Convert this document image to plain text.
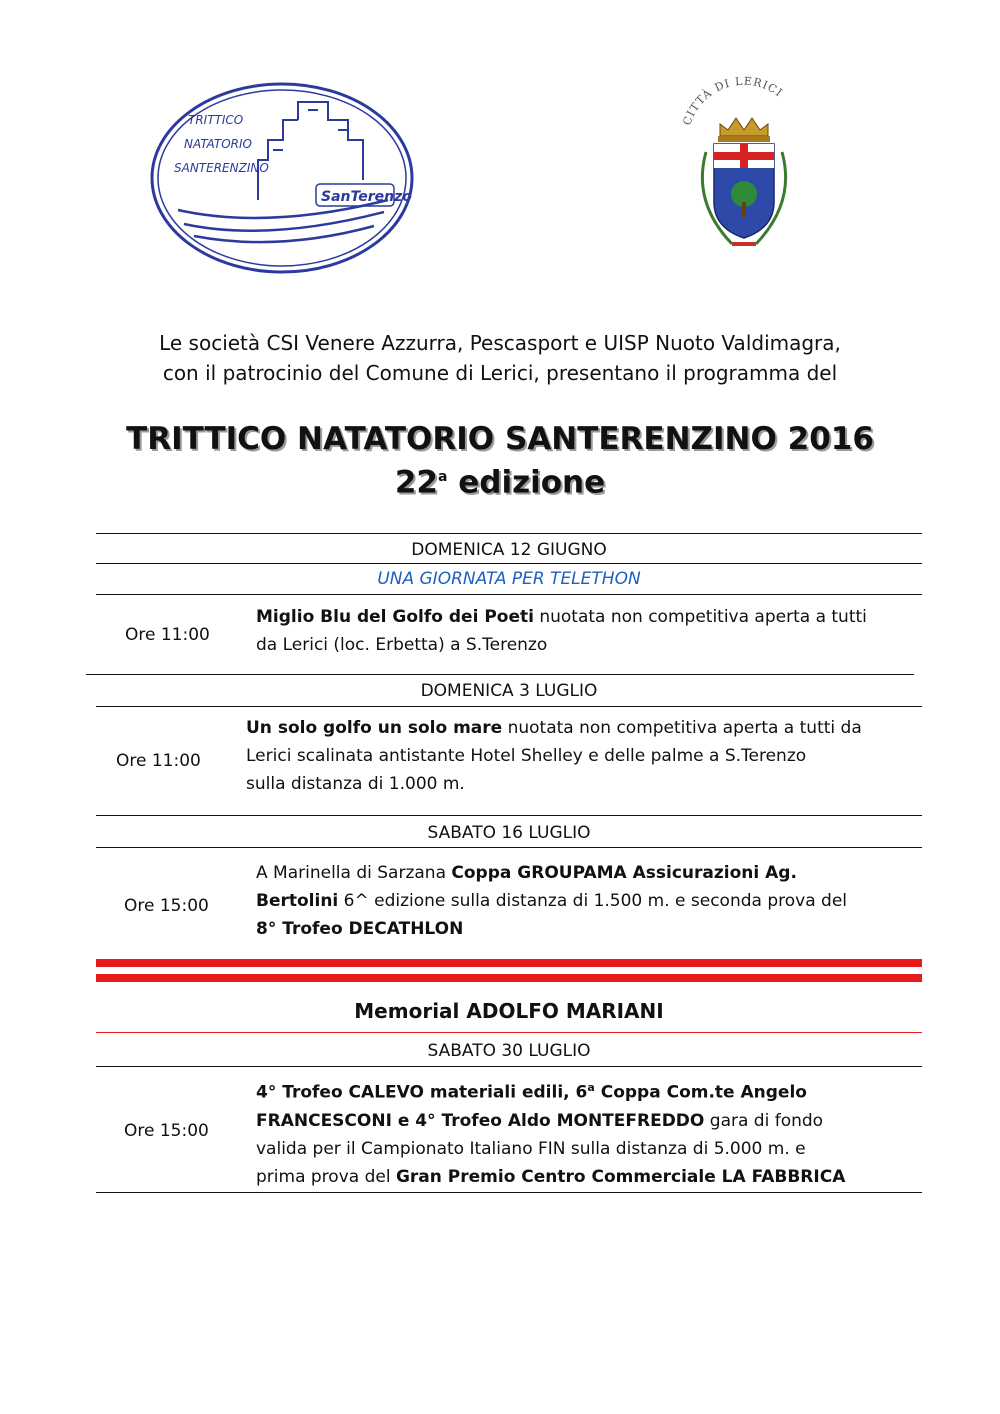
TRITTICO
NATATORIO
SANTERENZINO
SanTerenzo
CITTÀ DI LERICI
Le società CSI Venere Azzurra, Pescasport e UISP Nuoto Valdimagra,
con il patrocinio del Comune di Lerici, presentano il programma del
TRITTICO NATATORIO SANTERENZINO 2016
22$^a$ edizione
DOMENICA 12 GIUGNO
UNA GIORNATA PER TELETHON
Ore 11:00
Miglio Blu del Golfo dei Poeti nuotata non competitiva aperta a tutti
da Lerici (loc. Erbetta) a S.Terenzo
DOMENICA 3 LUGLIO
Ore 11:00
Un solo golfo un solo mare nuotata non competitiva aperta a tutti da
Lerici scalinata antistante Hotel Shelley e delle palme a S.Terenzo
sulla distanza di 1.000 m.
SABATO 16 LUGLIO
Ore 15:00
A Marinella di Sarzana Coppa GROUPAMA Assicurazioni Ag.
Bertolini 6^ edizione sulla distanza di 1.500 m. e seconda prova del
8° Trofeo DECATHLON
Memorial ADOLFO MARIANI
SABATO 30 LUGLIO
Ore 15:00
4° Trofeo CALEVO materiali edili, 6$^a$ Coppa Com.te Angelo
FRANCESCONI e 4° Trofeo Aldo MONTEFREDDO gara di fondo
valida per il Campionato Italiano FIN sulla distanza di 5.000 m. e
prima prova del Gran Premio Centro Commerciale LA FABBRICA
